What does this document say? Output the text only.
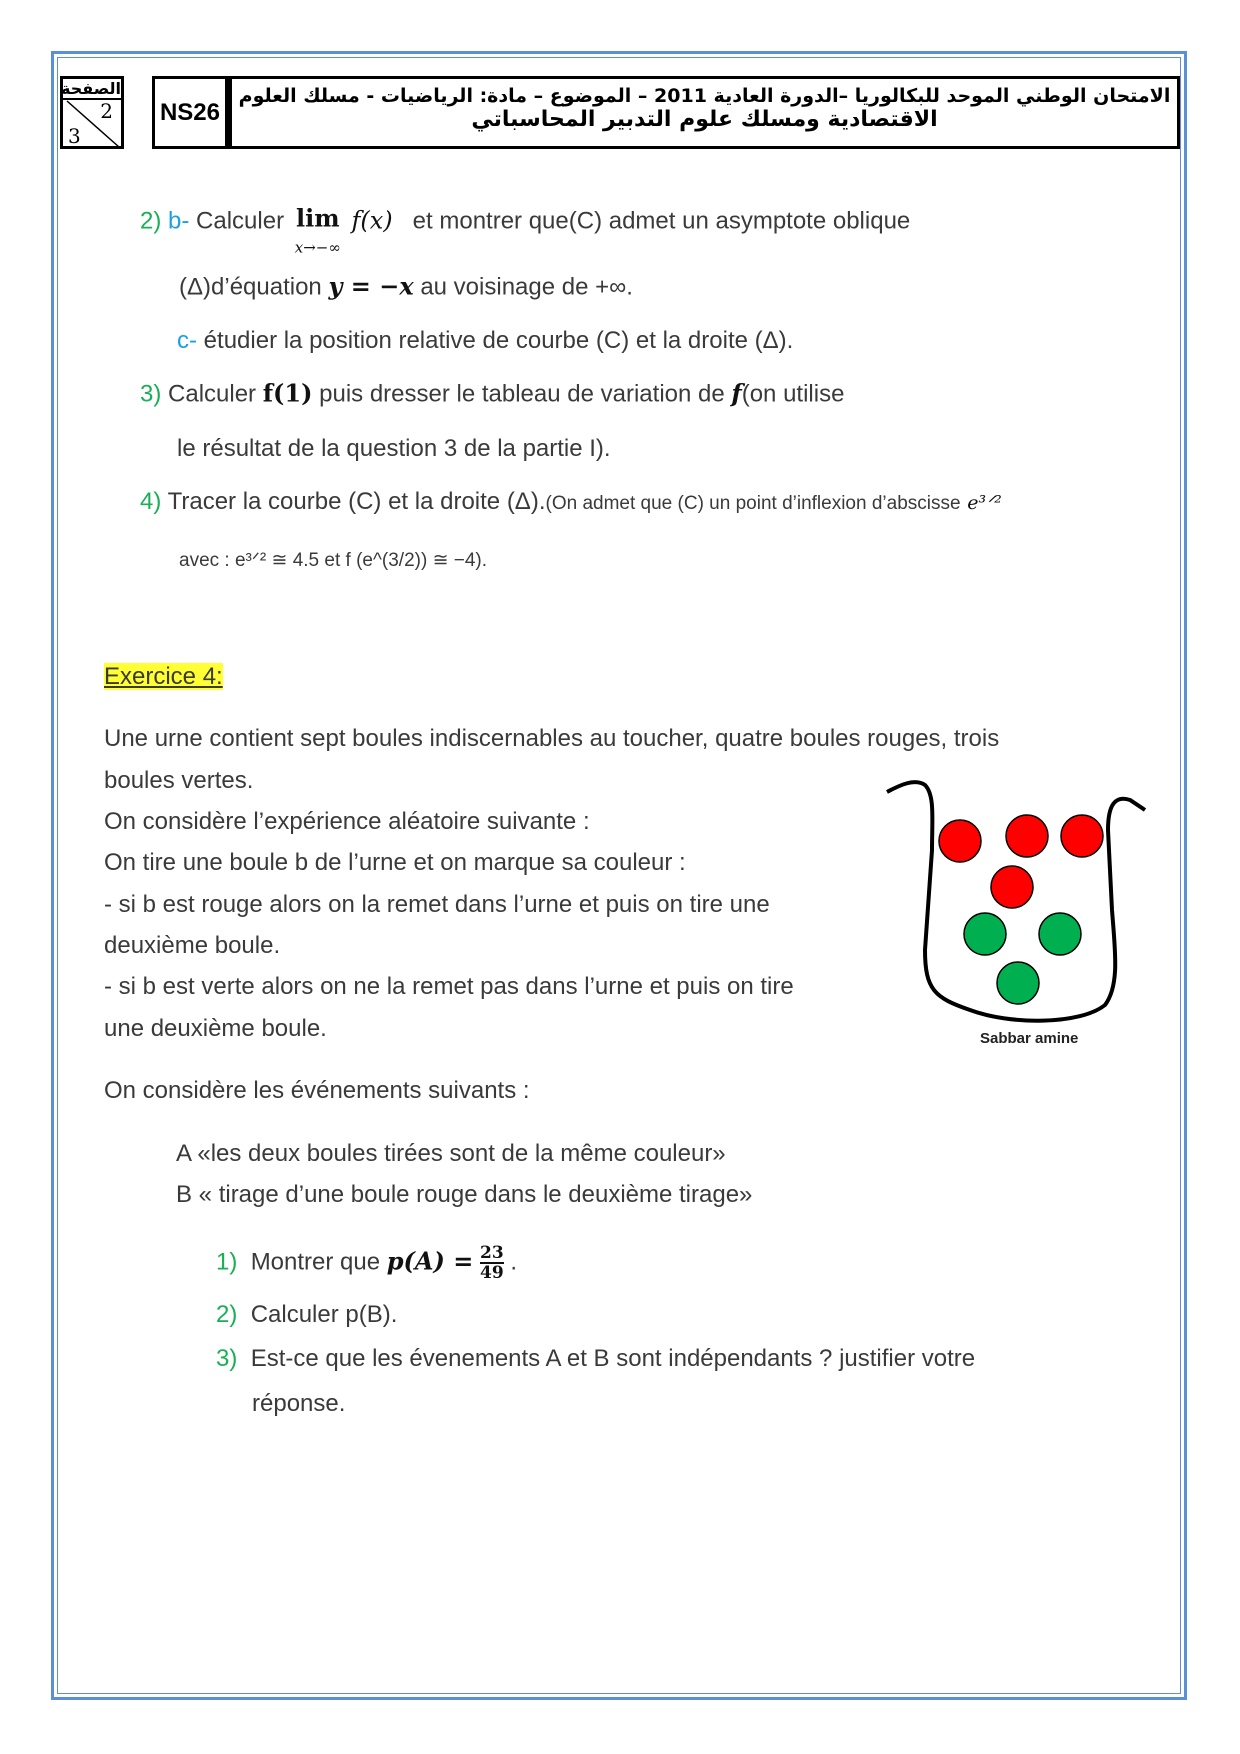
الصفحة
2
3
NS26
الامتحان الوطني الموحد للبكالوريا –الدورة العادية 2011 – الموضوع – مادة: الرياضيات - مسلك العلوم
الاقتصادية ومسلك علوم التدبير المحاسباتي
2) b- Calculer lim
x→−∞ f(x) et montrer que(C) admet un asymptote oblique
(Δ)d’équation y = −x au voisinage de +∞.
c- étudier la position relative de courbe (C) et la droite (Δ).
3) Calculer f(1) puis dresser le tableau de variation de f(on utilise
le résultat de la question 3 de la partie I).
4) Tracer la courbe (C) et la droite (Δ).(On admet que (C) un point d’inflexion d’abscisse e³ᐟ²
avec : e³ᐟ² ≅ 4.5 et f (e^(3/2)) ≅ −4).
Exercice 4:
Une urne contient sept boules indiscernables au toucher, quatre boules rouges, trois
boules vertes.
On considère l’expérience aléatoire suivante :
On tire une boule b de l’urne et on marque sa couleur :
- si b est rouge alors on la remet dans l’urne et puis on tire une
deuxième boule.
- si b est verte alors on ne la remet pas dans l’urne et puis on tire
une deuxième boule.	Sabbar amine
On considère les événements suivants :
A «les deux boules tirées sont de la même couleur»
B « tirage d’une boule rouge dans le deuxième tirage»
1) Montrer que $p(A) = \frac{23}{49}$ .
2) Calculer p(B).
3) Est-ce que les évenements A et B sont indépendants ? justifier votre
réponse.
